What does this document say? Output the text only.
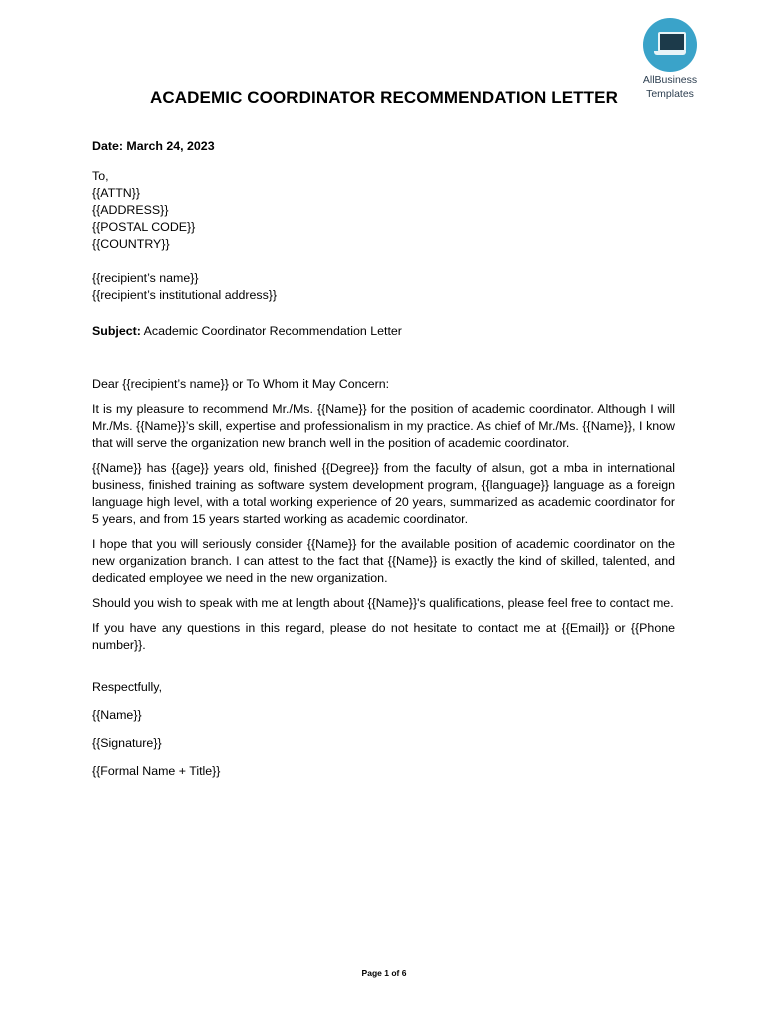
AllBusiness
Templates
ACADEMIC COORDINATOR RECOMMENDATION LETTER
Date: March 24, 2023
To,
{{ATTN}}
{{ADDRESS}}
{{POSTAL CODE}}
{{COUNTRY}}
{{recipient’s name}}
{{recipient’s institutional address}}
Subject: Academic Coordinator Recommendation Letter
Dear {{recipient’s name}} or To Whom it May Concern:

It is my pleasure to recommend Mr./Ms. {{Name}} for the position of academic coordinator. Although I will Mr./Ms. {{Name}}’s skill, expertise and professionalism in my practice. As chief of Mr./Ms. {{Name}}, I know that will serve the organization new branch well in the position of academic coordinator.

{{Name}} has {{age}} years old, finished {{Degree}} from the faculty of alsun, got a mba in international business, finished training as software system development program, {{language}} language as a foreign language high level, with a total working experience of 20 years, summarized as academic coordinator for 5 years, and from 15 years started working as academic coordinator.

I hope that you will seriously consider {{Name}} for the available position of academic coordinator on the new organization branch. I can attest to the fact that {{Name}} is exactly the kind of skilled, talented, and dedicated employee we need in the new organization.

Should you wish to speak with me at length about {{Name}}'s qualifications, please feel free to contact me.

If you have any questions in this regard, please do not hesitate to contact me at {{Email}} or {{Phone number}}.

Respectfully,
{{Name}}
{{Signature}}
{{Formal Name + Title}}
Page 1 of 6
